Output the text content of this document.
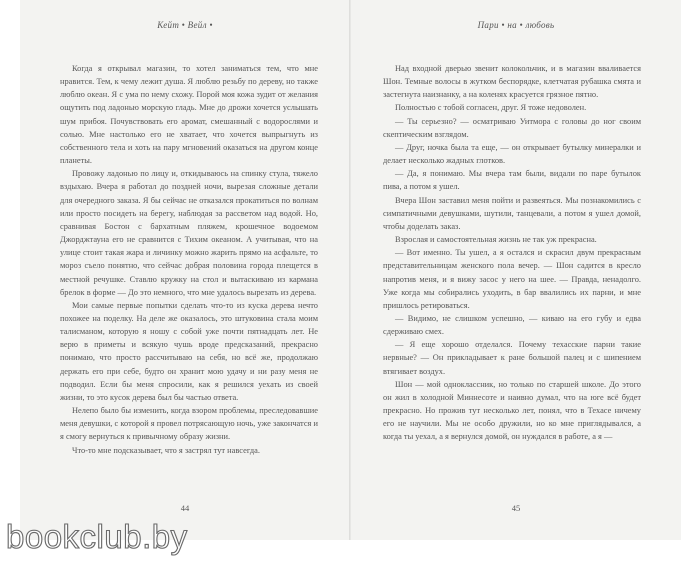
Кейт • Вейл •

Когда я открывал магазин, то хотел заниматься тем, что мне нравится. Тем, к чему лежит душа. Я люблю резьбу по дереву, но также люблю океан. Я с ума по нему схожу. Порой моя кожа зудит от желания ощутить под ладонью морскую гладь. Мне до дрожи хочется услышать шум прибоя. Почувствовать его аромат, смешанный с водорослями и солью. Мне настолько его не хватает, что хочется выпрыгнуть из собственного тела и хоть на пару мгновений оказаться на другом конце планеты.

Провожу ладонью по лицу и, откидываюсь на спинку стула, тяжело вздыхаю. Вчера я работал до поздней ночи, вырезая сложные детали для очередного заказа. Я бы сейчас не отказался прокатиться по волнам или просто посидеть на берегу, наблюдая за рассветом над водой. Но, сравнивая Бостон с бархатным пляжем, крошечное водоемом Джорджтауна его не сравнится с Тихим океаном. А учитывая, что на улице стоит такая жара и личинку можно жарить прямо на асфальте, то мороз съело понятно, что сейчас добрая половина города плещется в местной речушке. Ставлю кружку на стол и вытаскиваю из кармана брелок в форме — До это немного, что мне удалось вырезать из дерева.

Мои самые первые попытки сделать что-то из куска дерева нечто похожее на поделку. На деле же оказалось, это штуковина стала моим талисманом, которую я ношу с собой уже почти пятнадцать лет. Не верю в приметы и всякую чушь вроде предсказаний, прекрасно понимаю, что просто рассчитываю на себя, но всё же, продолжаю держать его при себе, будто он хранит мою удачу и ни разу меня не подводил. Если бы меня спросили, как я решился уехать из своей жизни, то это кусок дерева был бы частью ответа.

Нелепо было бы изменить, когда взором проблемы, преследовавшие меня девушки, с которой я провел потрясающую ночь, уже закончатся и я смогу вернуться к привычному образу жизни.

Что-то мне подсказывает, что я застрял тут навсегда.

44
Пари • на • любовь

Над входной дверью звенит колокольчик, и в магазин вваливается Шон. Темные волосы в жутком беспорядке, клетчатая рубашка смята и застегнута наизнанку, а на коленях красуется грязное пятно.

Полностью с тобой согласен, друг. Я тоже недоволен.

— Ты серьезно? — осматриваю Уитмора с головы до ног своим скептическим взглядом.

— Друг, ночка была та еще, — он открывает бутылку минералки и делает несколько жадных глотков.

— Да, я понимаю. Мы вчера там были, видали по паре бутылок пива, а потом я ушел.

Вчера Шон заставил меня пойти и развеяться. Мы познакомились с симпатичными девушками, шутили, танцевали, а потом я ушел домой, чтобы доделать заказ.

Взрослая и самостоятельная жизнь не так уж прекрасна.

— Вот именно. Ты ушел, а я остался и скрасил двум прекрасным представительницам женского пола вечер. — Шон садится в кресло напротив меня, и я вижу засос у него на шее. — Правда, ненадолго. Уже когда мы собирались уходить, в бар ввалились их парни, и мне пришлось ретироваться.

— Видимо, не слишком успешно, — киваю на его губу и едва сдерживаю смех.

— Я еще хорошо отделался. Почему техасские парни такие нервные? — Он прикладывает к ране большой палец и с шипением втягивает воздух.

Шон — мой одноклассник, но только по старшей школе. До этого он жил в холодной Миннесоте и наивно думал, что на юге всё будет прекрасно. Но прожив тут несколько лет, понял, что в Техасе ничему его не научили. Мы не особо дружили, но ко мне приглядывался, а когда ты уехал, а я вернулся домой, он нуждался в работе, а я —

45
bookclub.by
